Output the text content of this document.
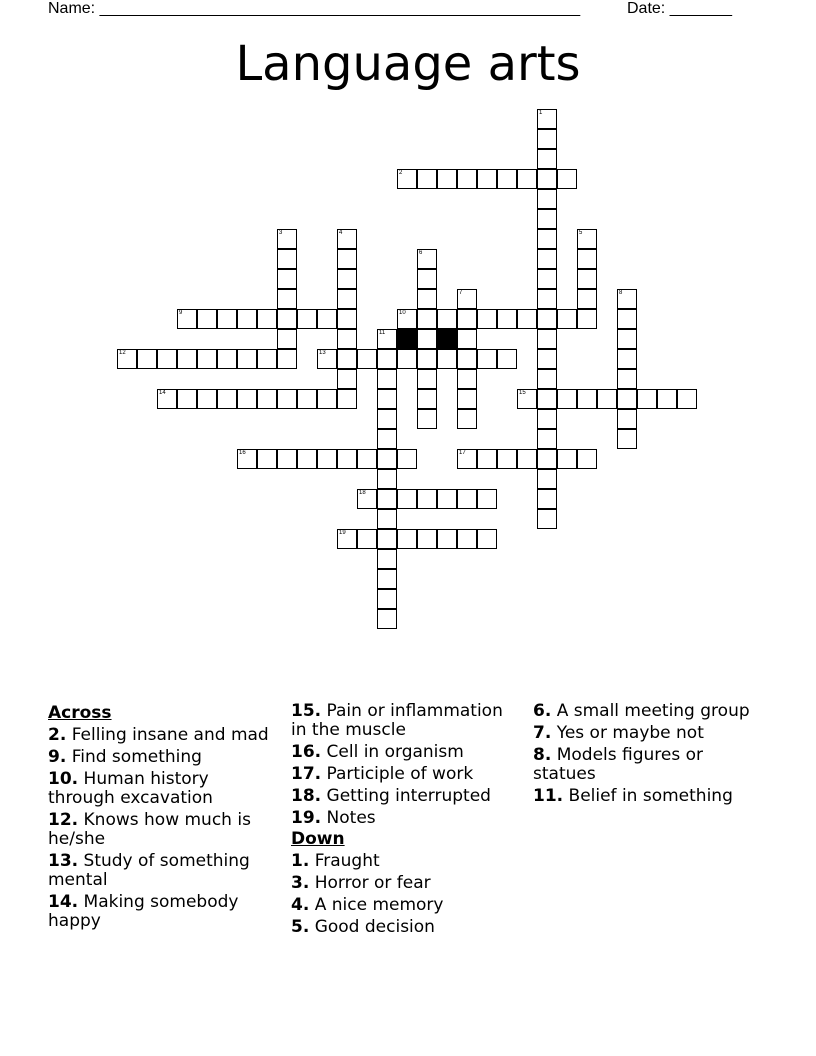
Name: ______________________________________________________	Date: _______
Language arts
1
2
3	4	5
6
7	8
9	10
11
12	13
14	15
16	17
18
19
Across
2. Felling insane and mad
9. Find something
10. Human history through excavation
12. Knows how much is he/she
13. Study of something mental
14. Making somebody happy
15. Pain or inflammation in the muscle
16. Cell in organism
17. Participle of work
18. Getting interrupted
19. Notes
Down
1. Fraught
3. Horror or fear
4. A nice memory
5. Good decision
6. A small meeting group
7. Yes or maybe not
8. Models figures or statues
11. Belief in something
